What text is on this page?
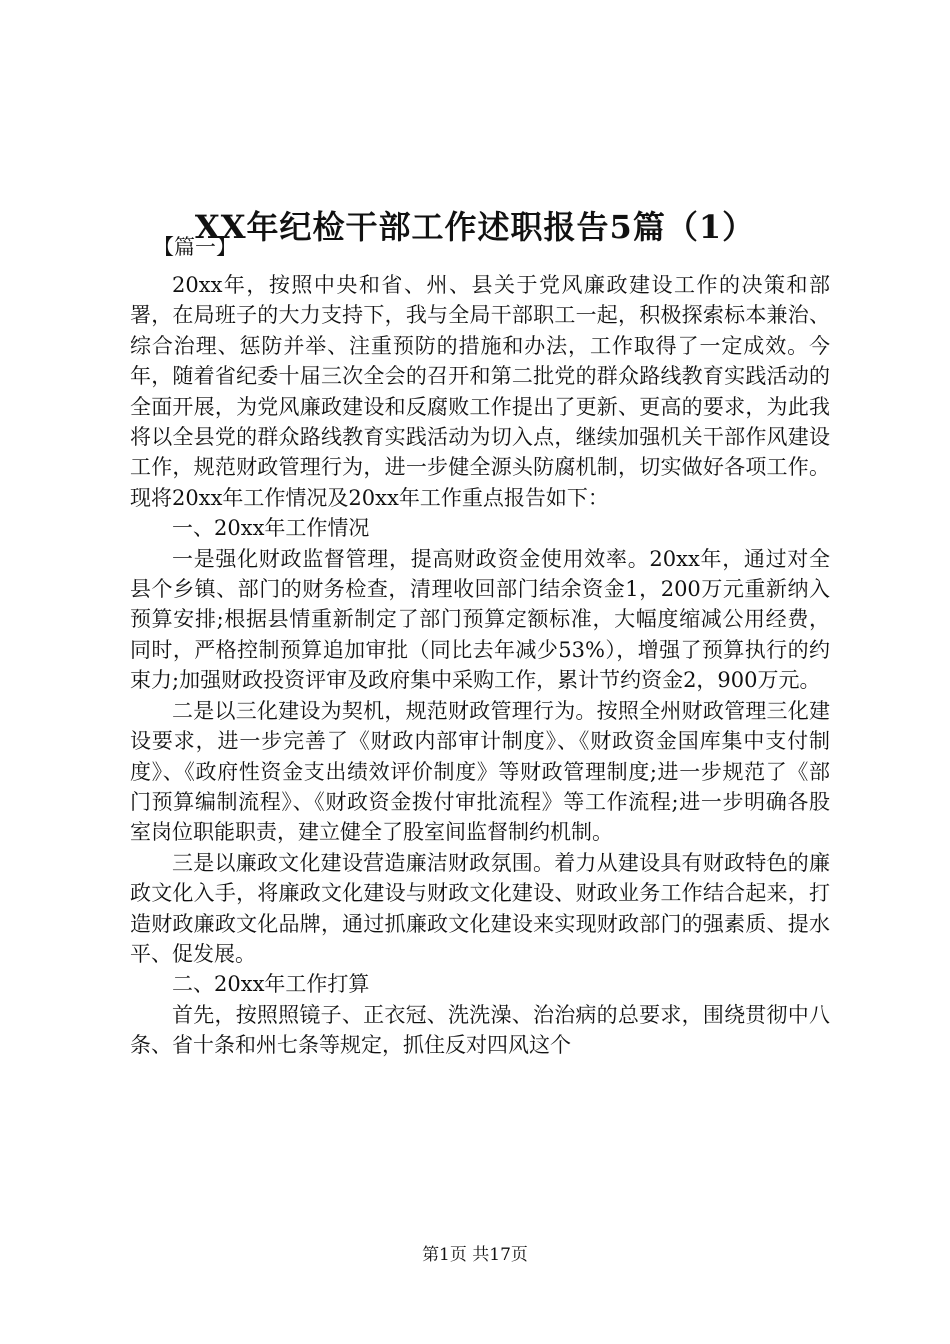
XX年纪检干部工作述职报告5篇（1）
【篇一】

20xx年，按照中央和省、州、县关于党风廉政建设工作的决策和部署，在局班子的大力支持下，我与全局干部职工一起，积极探索标本兼治、综合治理、惩防并举、注重预防的措施和办法，工作取得了一定成效。今年，随着省纪委十届三次全会的召开和第二批党的群众路线教育实践活动的全面开展，为党风廉政建设和反腐败工作提出了更新、更高的要求，为此我将以全县党的群众路线教育实践活动为切入点，继续加强机关干部作风建设工作，规范财政管理行为，进一步健全源头防腐机制，切实做好各项工作。现将20xx年工作情况及20xx年工作重点报告如下：

一、20xx年工作情况

一是强化财政监督管理，提高财政资金使用效率。20xx年，通过对全县个乡镇、部门的财务检查，清理收回部门结余资金1，200万元重新纳入预算安排;根据县情重新制定了部门预算定额标准，大幅度缩减公用经费，同时，严格控制预算追加审批（同比去年减少53%），增强了预算执行的约束力;加强财政投资评审及政府集中采购工作，累计节约资金2，900万元。

二是以三化建设为契机，规范财政管理行为。按照全州财政管理三化建设要求，进一步完善了《财政内部审计制度》、《财政资金国库集中支付制度》、《政府性资金支出绩效评价制度》等财政管理制度;进一步规范了《部门预算编制流程》、《财政资金拨付审批流程》等工作流程;进一步明确各股室岗位职能职责，建立健全了股室间监督制约机制。

三是以廉政文化建设营造廉洁财政氛围。着力从建设具有财政特色的廉政文化入手，将廉政文化建设与财政文化建设、财政业务工作结合起来，打造财政廉政文化品牌，通过抓廉政文化建设来实现财政部门的强素质、提水平、促发展。

二、20xx年工作打算

首先，按照照镜子、正衣冠、洗洗澡、治治病的总要求，围绕贯彻中八条、省十条和州七条等规定，抓住反对四风这个

第1页 共17页
